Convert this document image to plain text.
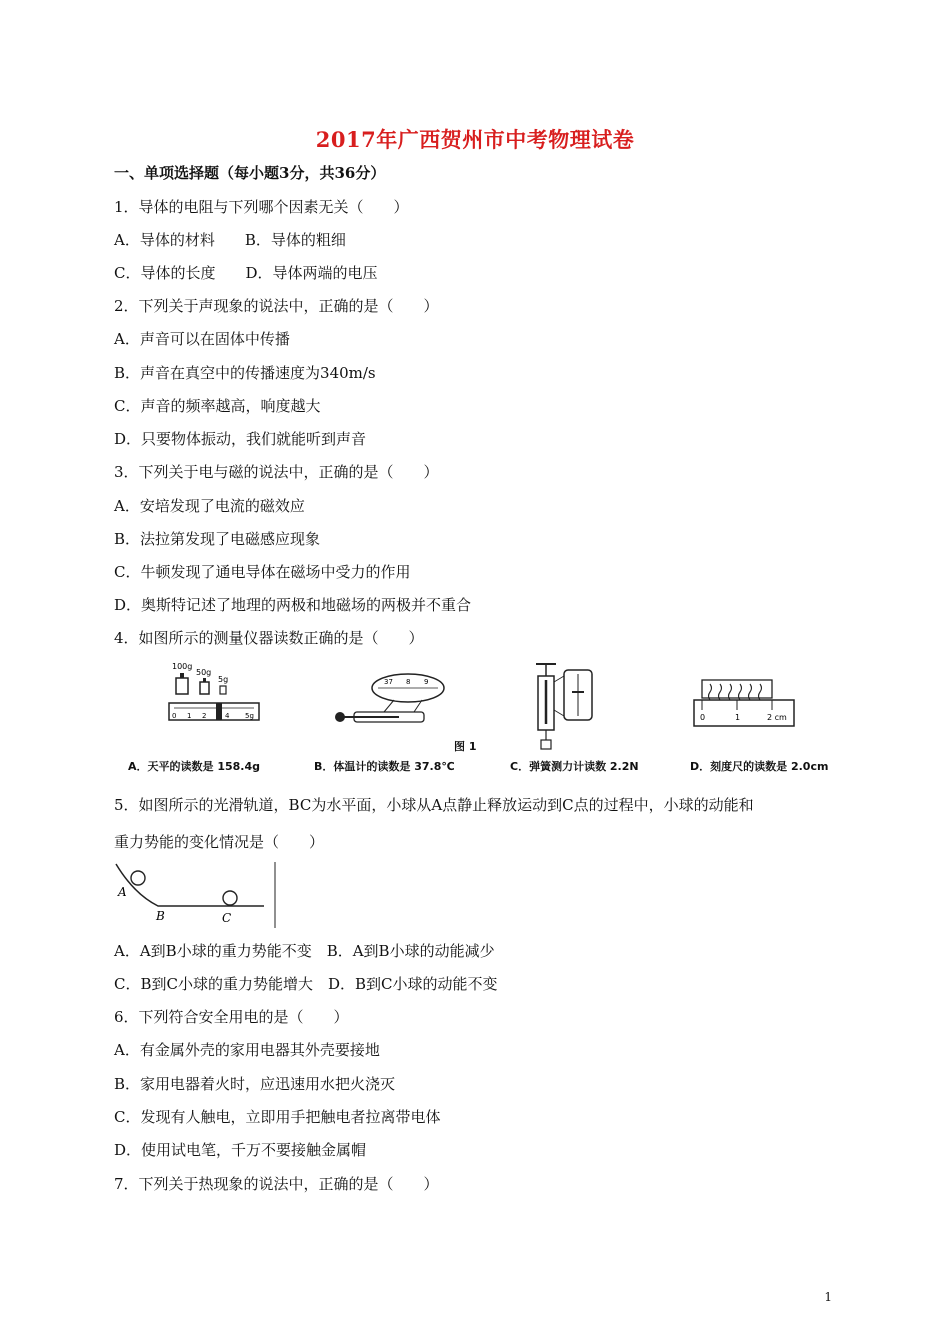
2017年广西贺州市中考物理试卷
一、单项选择题（每小题3分，共36分）
1．导体的电阻与下列哪个因素无关（　　）
A．导体的材料　　B．导体的粗细
C．导体的长度　　D．导体两端的电压
2．下列关于声现象的说法中，正确的是（　　）
A．声音可以在固体中传播
B．声音在真空中的传播速度为340m/s
C．声音的频率越高，响度越大
D．只要物体振动，我们就能听到声音
3．下列关于电与磁的说法中，正确的是（　　）
A．安培发现了电流的磁效应
B．法拉第发现了电磁感应现象
C．牛顿发现了通电导体在磁场中受力的作用
D．奥斯特记述了地理的两极和地磁场的两极并不重合
4．如图所示的测量仪器读数正确的是（　　）
100g
50g
5g
0 1 2	4 5g
37 8 9
0	1	2 cm
图 1
A．天平的读数是 158.4g	B．体温计的读数是 37.8℃	C．弹簧测力计读数 2.2N	D．刻度尺的读数是 2.0cm
5．如图所示的光滑轨道，BC为水平面，小球从A点静止释放运动到C点的过程中，小球的动能和
重力势能的变化情况是（　　）
A
B	C
A．A到B小球的重力势能不变　B．A到B小球的动能减少
C．B到C小球的重力势能增大　D．B到C小球的动能不变
6．下列符合安全用电的是（　　）
A．有金属外壳的家用电器其外壳要接地
B．家用电器着火时，应迅速用水把火浇灭
C．发现有人触电，立即用手把触电者拉离带电体
D．使用试电笔，千万不要接触金属帽
7．下列关于热现象的说法中，正确的是（　　）
1
